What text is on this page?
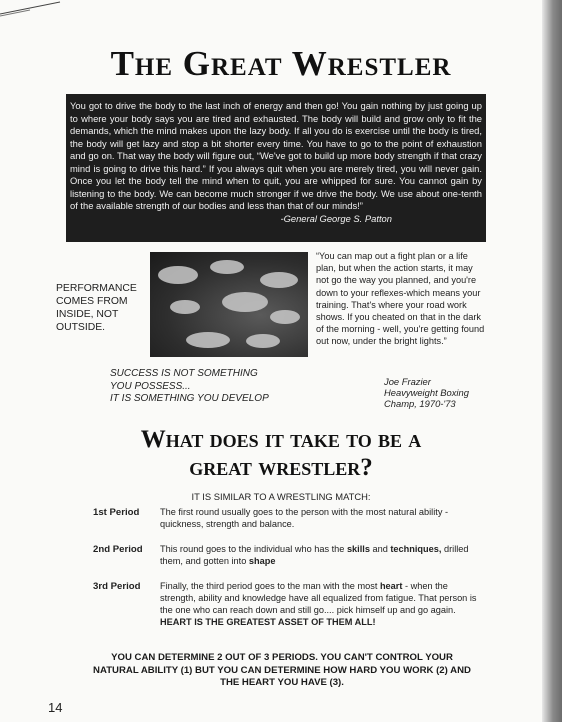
The Great Wrestler
You got to drive the body to the last inch of energy and then go! You gain nothing by just going up to where your body says you are tired and exhausted. The body will build and grow only to fit the demands, which the mind makes upon the lazy body. If all you do is exercise until the body is tired, the body will get lazy and stop a bit shorter every time. You have to go to the point of exhaustion and go on. That way the body will figure out, “We've got to build up more body strength if that crazy mind is going to drive this hard.” If you always quit when you are merely tired, you will never gain. Once you let the body tell the mind when to quit, you are whipped for sure. You cannot gain by listening to the body. We can become much stronger if we drive the body. We use about one-tenth of the available strength of our bodies and less than that of our minds!”
-General George S. Patton
PERFORMANCE COMES FROM INSIDE, NOT OUTSIDE.
“You can map out a fight plan or a life plan, but when the action starts, it may not go the way you planned, and you're down to your reflexes-which means your training. That's where your road work shows. If you cheated on that in the dark of the morning - well, you're getting found out now, under the bright lights.”
Joe Frazier
Heavyweight Boxing
Champ, 1970-'73
SUCCESS IS NOT SOMETHING
YOU POSSESS...
IT IS SOMETHING YOU DEVELOP
What does it take to be a
great wrestler?
IT IS SIMILAR TO A WRESTLING MATCH:
1st Period The first round usually goes to the person with the most natural ability - quickness, strength and balance.
2nd Period This round goes to the individual who has the skills and techniques, drilled them, and gotten into shape
3rd Period Finally, the third period goes to the man with the most heart - when the strength, ability and knowledge have all equalized from fatigue. That person is the one who can reach down and still go.... pick himself up and go again.
HEART IS THE GREATEST ASSET OF THEM ALL!
YOU CAN DETERMINE 2 OUT OF 3 PERIODS. YOU CAN'T CONTROL YOUR NATURAL ABILITY (1) BUT YOU CAN DETERMINE HOW HARD YOU WORK (2) AND THE HEART YOU HAVE (3).
14
